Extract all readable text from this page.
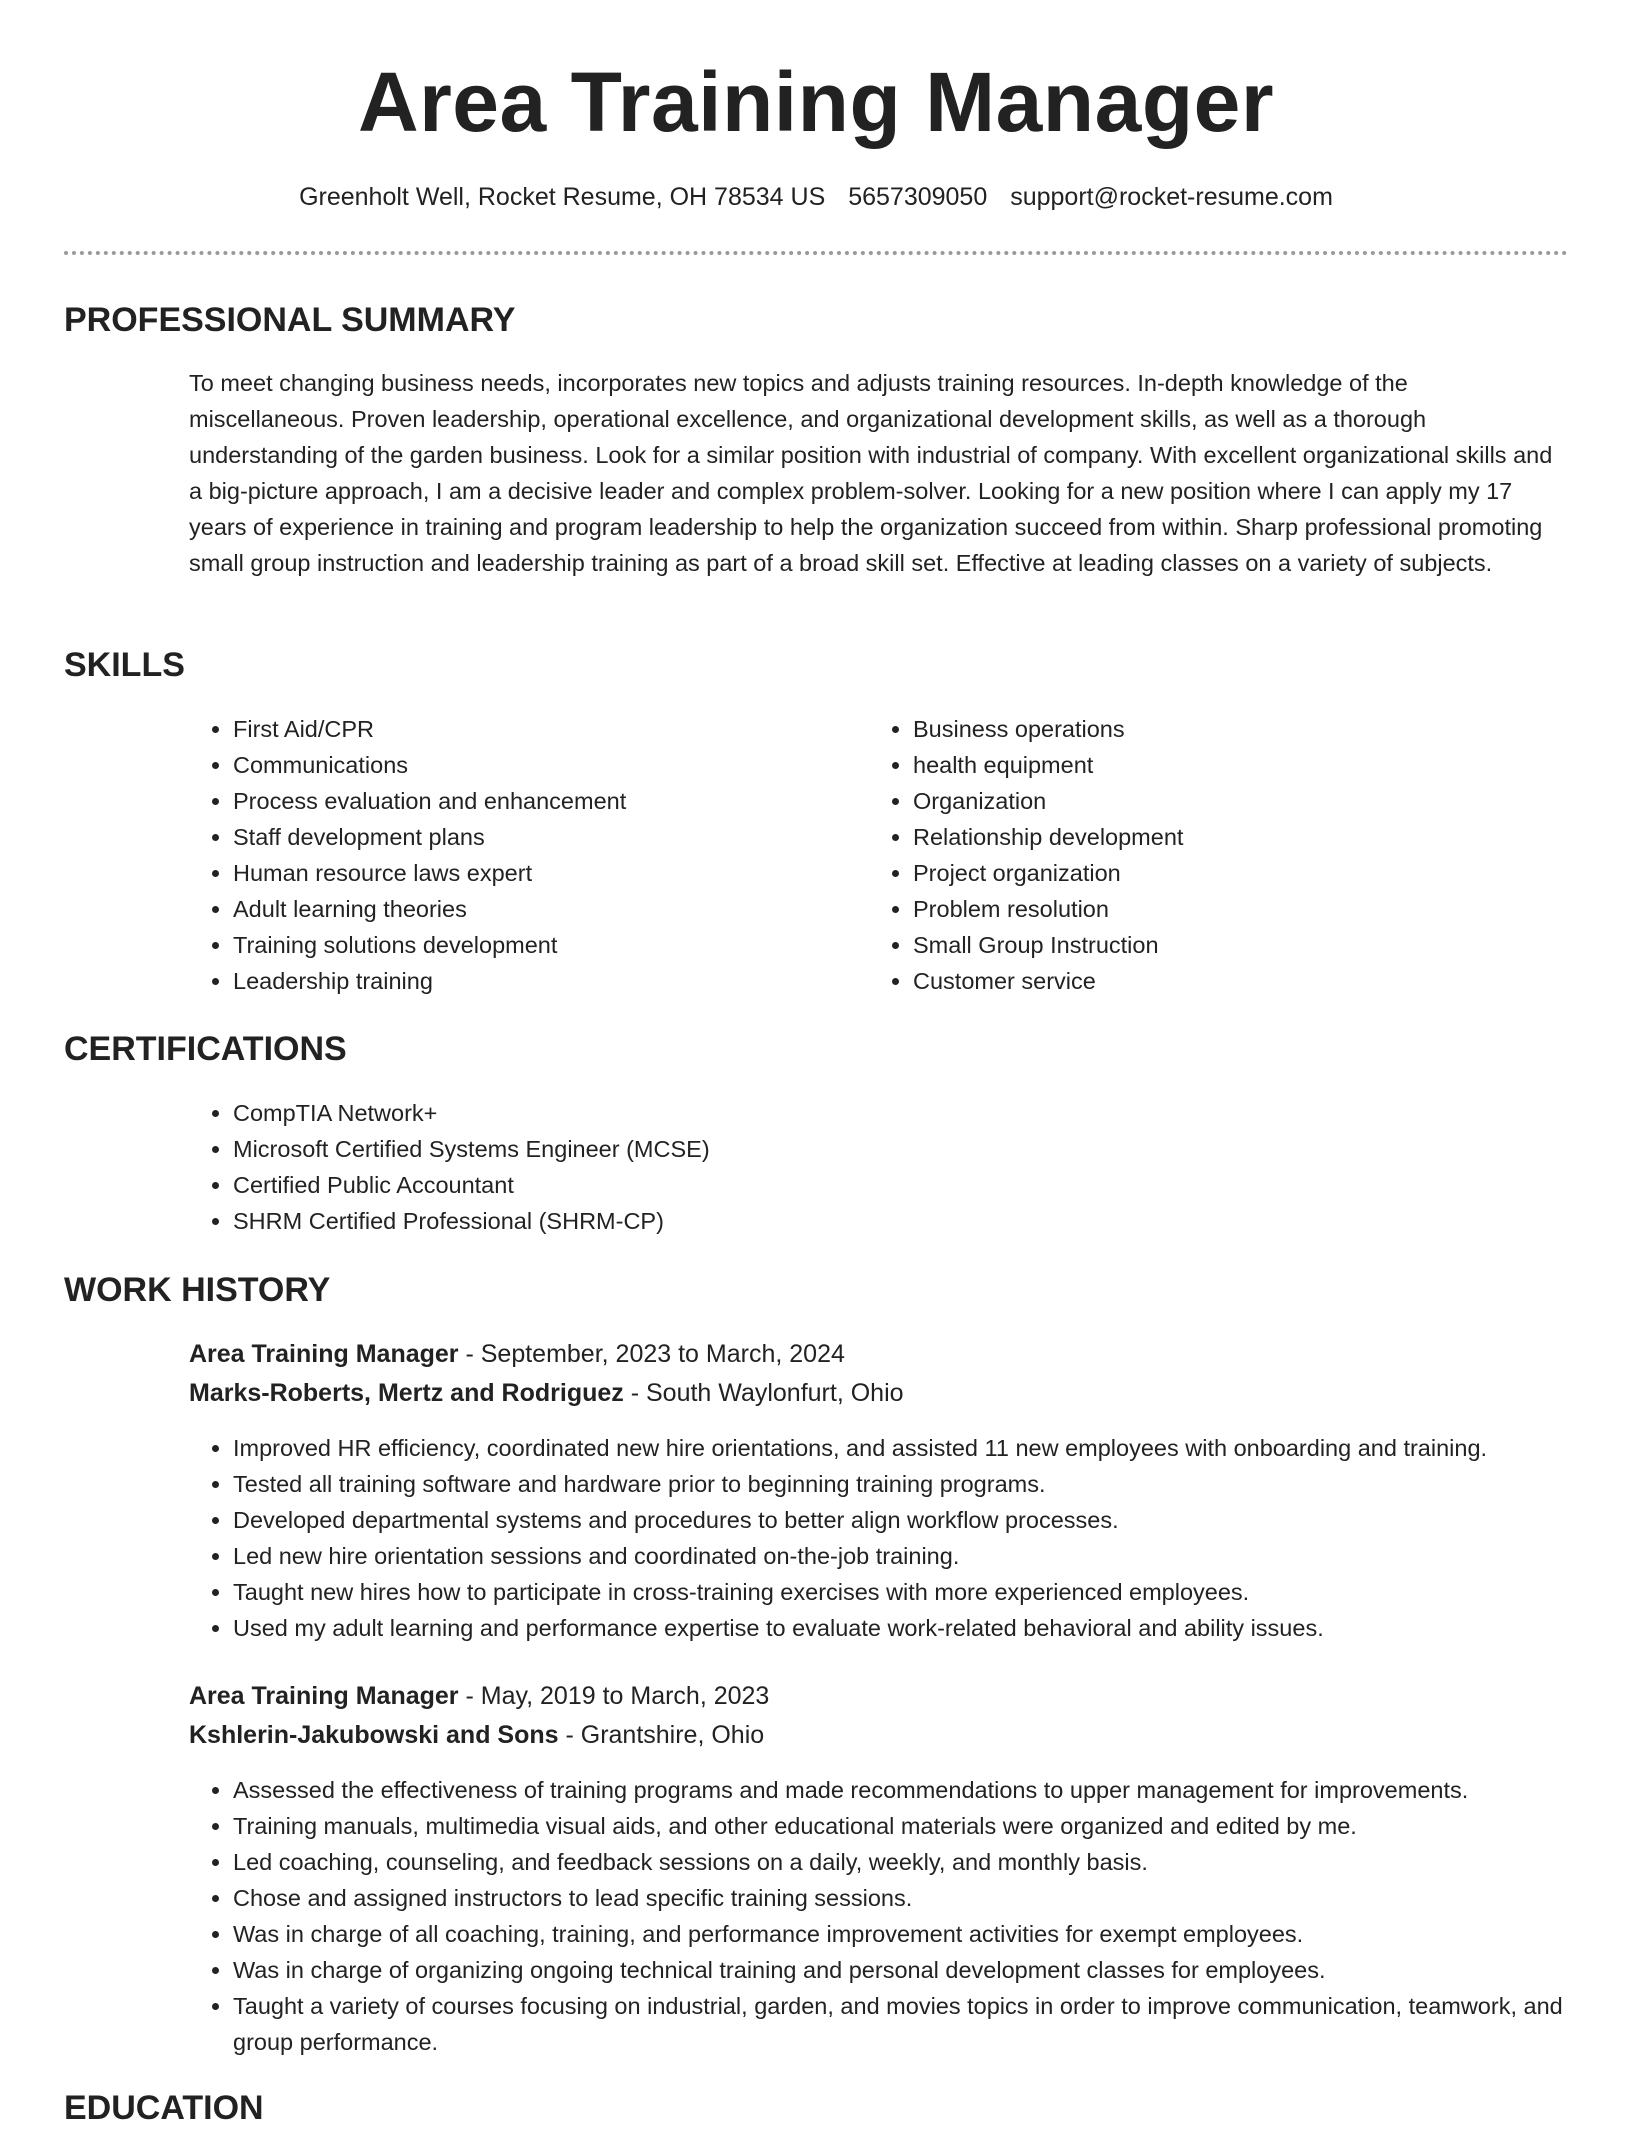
Area Training Manager
Greenholt Well, Rocket Resume, OH 78534 US 5657309050 support@rocket-resume.com
PROFESSIONAL SUMMARY

To meet changing business needs, incorporates new topics and adjusts training resources. In-depth knowledge of the miscellaneous. Proven leadership, operational excellence, and organizational development skills, as well as a thorough understanding of the garden business. Look for a similar position with industrial of company. With excellent organizational skills and a big-picture approach, I am a decisive leader and complex problem-solver. Looking for a new position where I can apply my 17 years of experience in training and program leadership to help the organization succeed from within. Sharp professional promoting small group instruction and leadership training as part of a broad skill set. Effective at leading classes on a variety of subjects.

SKILLS
• First Aid/CPR
• Communications
• Process evaluation and enhancement
• Staff development plans
• Human resource laws expert
• Adult learning theories
• Training solutions development
• Leadership training
• Business operations
• health equipment
• Organization
• Relationship development
• Project organization
• Problem resolution
• Small Group Instruction
• Customer service
CERTIFICATIONS
• CompTIA Network+
• Microsoft Certified Systems Engineer (MCSE)
• Certified Public Accountant
• SHRM Certified Professional (SHRM-CP)
WORK HISTORY
Area Training Manager - September, 2023 to March, 2024
Marks-Roberts, Mertz and Rodriguez - South Waylonfurt, Ohio
• Improved HR efficiency, coordinated new hire orientations, and assisted 11 new employees with onboarding and training.
• Tested all training software and hardware prior to beginning training programs.
• Developed departmental systems and procedures to better align workflow processes.
• Led new hire orientation sessions and coordinated on-the-job training.
• Taught new hires how to participate in cross-training exercises with more experienced employees.
• Used my adult learning and performance expertise to evaluate work-related behavioral and ability issues.
Area Training Manager - May, 2019 to March, 2023
Kshlerin-Jakubowski and Sons - Grantshire, Ohio
• Assessed the effectiveness of training programs and made recommendations to upper management for improvements.
• Training manuals, multimedia visual aids, and other educational materials were organized and edited by me.
• Led coaching, counseling, and feedback sessions on a daily, weekly, and monthly basis.
• Chose and assigned instructors to lead specific training sessions.
• Was in charge of all coaching, training, and performance improvement activities for exempt employees.
• Was in charge of organizing ongoing technical training and personal development classes for employees.
• Taught a variety of courses focusing on industrial, garden, and movies topics in order to improve communication, teamwork, and group performance.
EDUCATION
